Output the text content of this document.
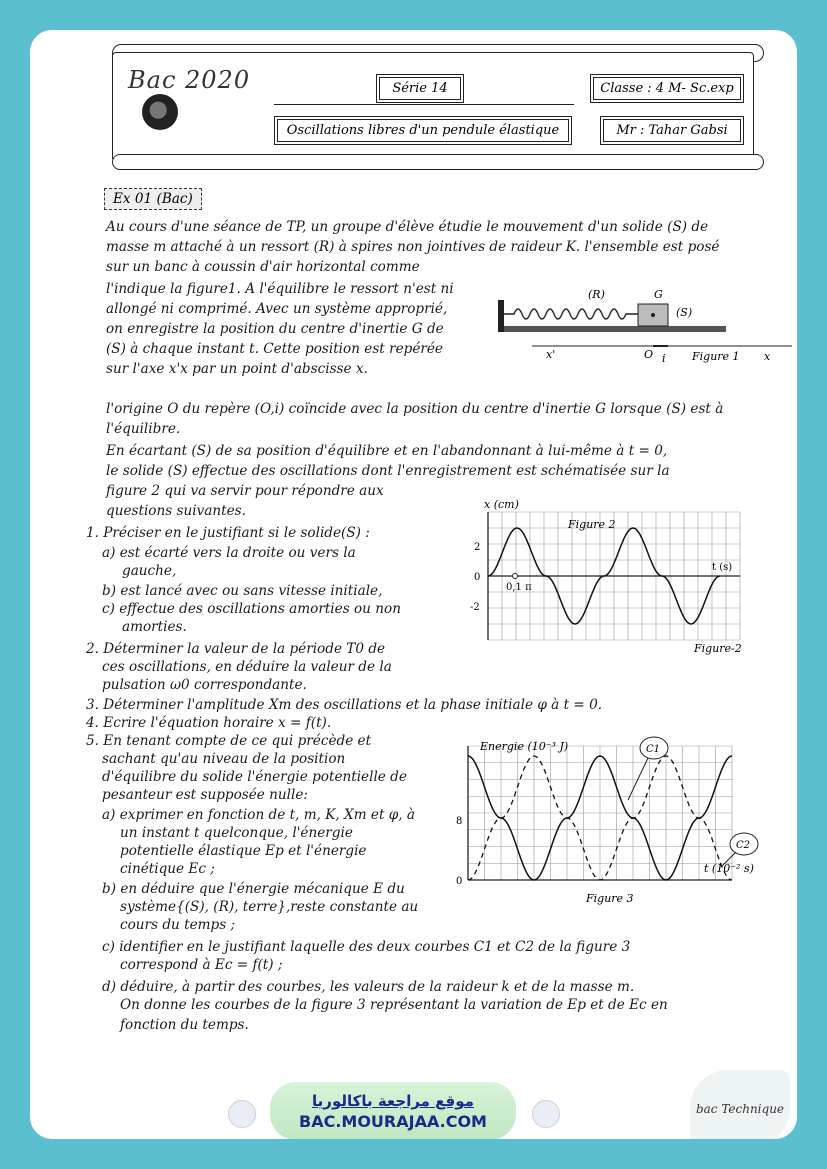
Bac 2020	Série 14	Classe : 4 M- Sc.exp
Oscillations libres d'un pendule élastique	Mr : Tahar Gabsi
Ex 01 (Bac)
Au cours d'une séance de TP, un groupe d'élève étudie le mouvement d'un solide (S) de
masse m attaché à un ressort (R) à spires non jointives de raideur K. l'ensemble est posé
sur un banc à coussin d'air horizontal comme
l'indique la figure1. A l'équilibre le ressort n'est ni
allongé ni comprimé. Avec un système approprié,
on enregistre la position du centre d'inertie G de
(S) à chaque instant t. Cette position est repérée
sur l'axe x'x par un point d'abscisse x.
(R)	G
(S)
x'	O i Figure 1 x
l'origine O du repère (O,i) coïncide avec la position du centre d'inertie G lorsque (S) est à
l'équilibre.
En écartant (S) de sa position d'équilibre et en l'abandonnant à lui-même à t = 0,
le solide (S) effectue des oscillations dont l'enregistrement est schématisée sur la
figure 2 qui va servir pour répondre aux
questions suivantes.
1. Préciser en le justifiant si le solide(S) :
a) est écarté vers la droite ou vers la
gauche,
b) est lancé avec ou sans vitesse initiale,
c) effectue des oscillations amorties ou non
amorties.
2. Déterminer la valeur de la période T0 de
ces oscillations, en déduire la valeur de la
pulsation ω0 correspondante.
3. Déterminer l'amplitude Xm des oscillations et la phase initiale φ à t = 0.
4. Ecrire l'équation horaire x = f(t).
5. En tenant compte de ce qui précède et
sachant qu'au niveau de la position
d'équilibre du solide l'énergie potentielle de
pesanteur est supposée nulle:
a) exprimer en fonction de t, m, K, Xm et φ, à
un instant t quelconque, l'énergie
potentielle élastique Ep et l'énergie
cinétique Ec ;
b) en déduire que l'énergie mécanique E du
système{(S), (R), terre},reste constante au
cours du temps ;
c) identifier en le justifiant laquelle des deux courbes C1 et C2 de la figure 3
correspond à Ec = f(t) ;
d) déduire, à partir des courbes, les valeurs de la raideur k et de la masse m.
On donne les courbes de la figure 3 représentant la variation de Ep et de Ec en
fonction du temps.
x (cm)
Figure 2
t (s)
2
0
-2
0,1 π
Figure-2
Energie (10⁻³ J)
8
0
t (10⁻² s)
C1
C2
Figure 3
موقع مراجعة باكالوريا
BAC.MOURAJAA.COM
bac Technique
